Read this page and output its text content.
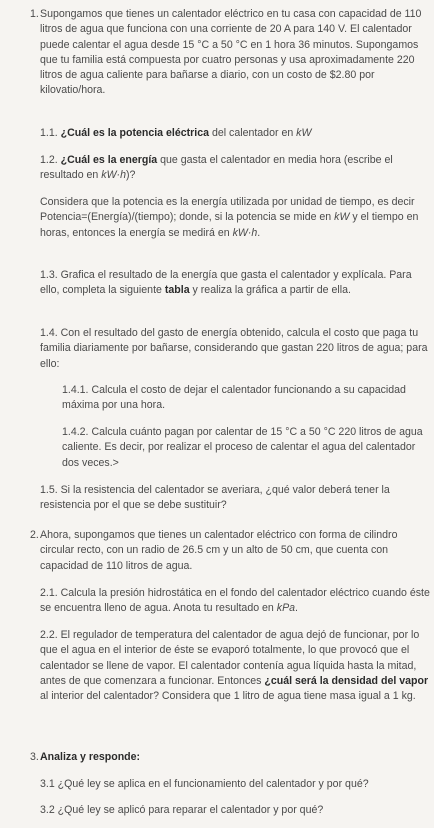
1. Supongamos que tienes un calentador eléctrico en tu casa con capacidad de 110 litros de agua que funciona con una corriente de 20 A para 140 V. El calentador puede calentar el agua desde 15 °C a 50 °C en 1 hora 36 minutos. Supongamos que tu familia está compuesta por cuatro personas y usa aproximadamente 220 litros de agua caliente para bañarse a diario, con un costo de $2.80 por kilovatio/hora.

1.1. ¿Cuál es la potencia eléctrica del calentador en kW

1.2. ¿Cuál es la energía que gasta el calentador en media hora (escribe el resultado en kW·h)?

Considera que la potencia es la energía utilizada por unidad de tiempo, es decir Potencia=(Energía)/(tiempo); donde, si la potencia se mide en kW y el tiempo en horas, entonces la energía se medirá en kW·h.

1.3. Grafica el resultado de la energía que gasta el calentador y explícala. Para ello, completa la siguiente tabla y realiza la gráfica a partir de ella.

1.4. Con el resultado del gasto de energía obtenido, calcula el costo que paga tu familia diariamente por bañarse, considerando que gastan 220 litros de agua; para ello:

1.4.1. Calcula el costo de dejar el calentador funcionando a su capacidad máxima por una hora.

1.4.2. Calcula cuánto pagan por calentar de 15 °C a 50 °C 220 litros de agua caliente. Es decir, por realizar el proceso de calentar el agua del calentador dos veces.>

1.5. Si la resistencia del calentador se averiara, ¿qué valor deberá tener la resistencia por el que se debe sustituir?

2. Ahora, supongamos que tienes un calentador eléctrico con forma de cilindro circular recto, con un radio de 26.5 cm y un alto de 50 cm, que cuenta con capacidad de 110 litros de agua.

2.1. Calcula la presión hidrostática en el fondo del calentador eléctrico cuando éste se encuentra lleno de agua. Anota tu resultado en kPa.

2.2. El regulador de temperatura del calentador de agua dejó de funcionar, por lo que el agua en el interior de éste se evaporó totalmente, lo que provocó que el calentador se llene de vapor. El calentador contenía agua líquida hasta la mitad, antes de que comenzara a funcionar. Entonces ¿cuál será la densidad del vapor al interior del calentador? Considera que 1 litro de agua tiene masa igual a 1 kg.

3. Analiza y responde:

3.1 ¿Qué ley se aplica en el funcionamiento del calentador y por qué?

3.2 ¿Qué ley se aplicó para reparar el calentador y por qué?
